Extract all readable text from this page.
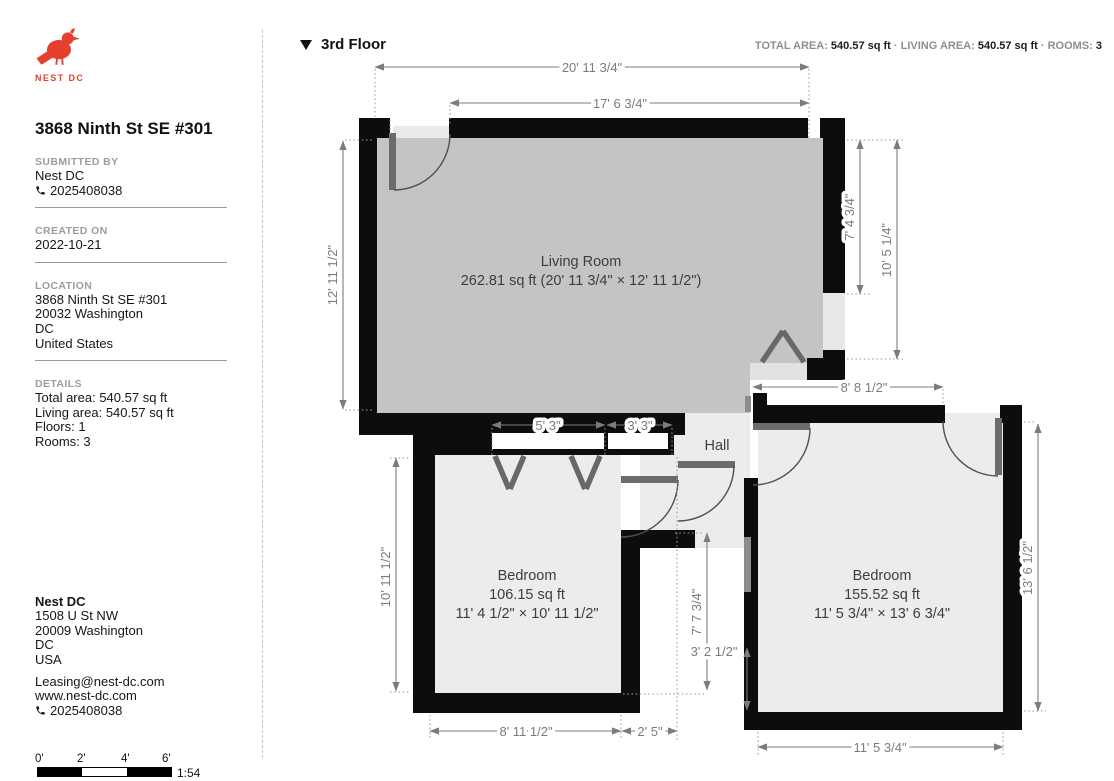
NEST DC
3868 Ninth St SE #301
SUBMITTED BY
Nest DC
2025408038
CREATED ON
2022-10-21
LOCATION
3868 Ninth St SE #301
20032 Washington
DC
United States
DETAILS
Total area: 540.57 sq ft
Living area: 540.57 sq ft
Floors: 1
Rooms: 3
Nest DC
1508 U St NW
20009 Washington
DC
USA
Leasing@nest-dc.com
www.nest-dc.com
2025408038
0'	2'	4'	6'
1:54
3rd Floor	TOTAL AREA: 540.57 sq ft · LIVING AREA: 540.57 sq ft · ROOMS: 3
20' 11 3/4"
17' 6 3/4"
12' 11 1/2"
7' 4 3/4"
10' 5 1/4"
13' 6 1/2"
8' 11 1/2"	2' 5"
11' 5 3/4"
8' 8 1/2"
5' 3"	3' 3"
7' 7 3/4"
3' 2 1/2"
10' 11 1/2"
Living Room
262.81 sq ft (20' 11 3/4" × 12' 11 1/2")
Bedroom
106.15 sq ft
11' 4 1/2" × 10' 11 1/2"
Bedroom
155.52 sq ft
11' 5 3/4" × 13' 6 3/4"
Hall
